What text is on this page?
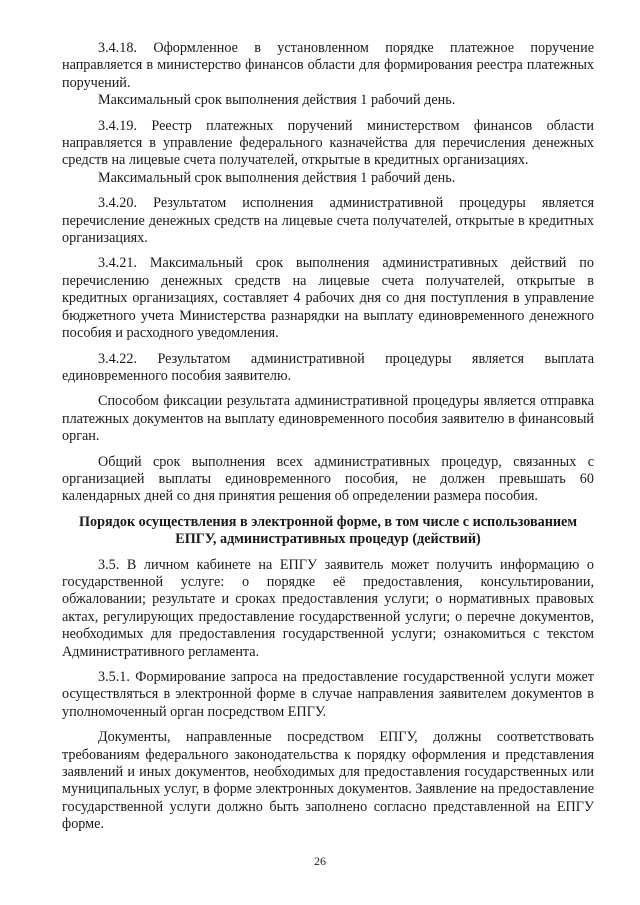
3.4.18. Оформленное в установленном порядке платежное поручение направляется в министерство финансов области для формирования реестра платежных поручений.

Максимальный срок выполнения действия 1 рабочий день.

3.4.19. Реестр платежных поручений министерством финансов области направляется в управление федерального казначейства для перечисления денежных средств на лицевые счета получателей, открытые в кредитных организациях.

Максимальный срок выполнения действия 1 рабочий день.

3.4.20. Результатом исполнения административной процедуры является перечисление денежных средств на лицевые счета получателей, открытые в кредитных организациях.

3.4.21. Максимальный срок выполнения административных действий по перечислению денежных средств на лицевые счета получателей, открытые в кредитных организациях, составляет 4 рабочих дня со дня поступления в управление бюджетного учета Министерства разнарядки на выплату единовременного денежного пособия и расходного уведомления.

3.4.22. Результатом административной процедуры является выплата единовременного пособия заявителю.

Способом фиксации результата административной процедуры является отправка платежных документов на выплату единовременного пособия заявителю в финансовый орган.

Общий срок выполнения всех административных процедур, связанных с организацией выплаты единовременного пособия, не должен превышать 60 календарных дней со дня принятия решения об определении размера пособия.

Порядок осуществления в электронной форме, в том числе с использованием ЕПГУ, административных процедур (действий)

3.5. В личном кабинете на ЕПГУ заявитель может получить информацию о государственной услуге: о порядке её предоставления, консультировании, обжаловании; результате и сроках предоставления услуги; о нормативных правовых актах, регулирующих предоставление государственной услуги; о перечне документов, необходимых для предоставления государственной услуги; ознакомиться с текстом Административного регламента.

3.5.1. Формирование запроса на предоставление государственной услуги может осуществляться в электронной форме в случае направления заявителем документов в уполномоченный орган посредством ЕПГУ.

Документы, направленные посредством ЕПГУ, должны соответствовать требованиям федерального законодательства к порядку оформления и представления заявлений и иных документов, необходимых для предоставления государственных или муниципальных услуг, в форме электронных документов. Заявление на предоставление государственной услуги должно быть заполнено согласно представленной на ЕПГУ форме.

26
